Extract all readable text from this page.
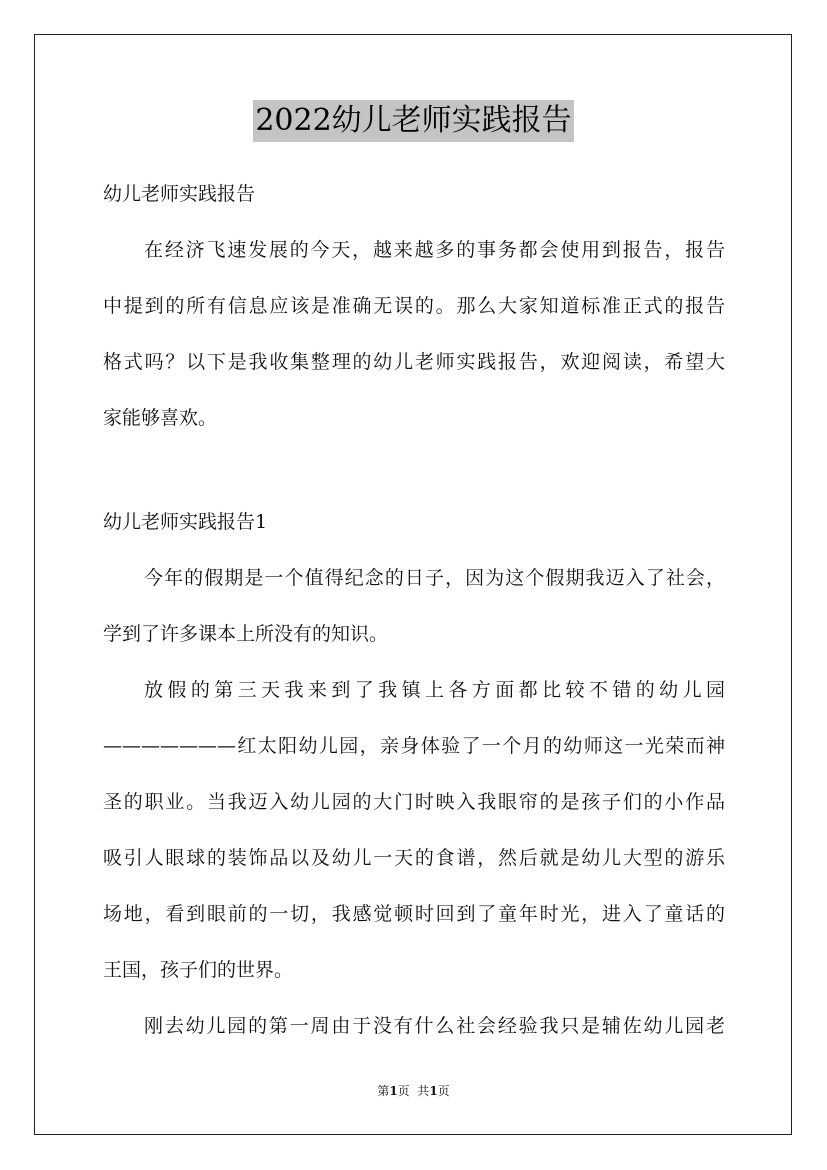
2022幼儿老师实践报告
幼儿老师实践报告
在经济飞速发展的今天，越来越多的事务都会使用到报告，报告
中提到的所有信息应该是准确无误的。那么大家知道标准正式的报告
格式吗？以下是我收集整理的幼儿老师实践报告，欢迎阅读，希望大
家能够喜欢。
幼儿老师实践报告1
今年的假期是一个值得纪念的日子，因为这个假期我迈入了社会，
学到了许多课本上所没有的知识。
放假的第三天我来到了我镇上各方面都比较不错的幼儿园
———————红太阳幼儿园，亲身体验了一个月的幼师这一光荣而神
圣的职业。当我迈入幼儿园的大门时映入我眼帘的是孩子们的小作品
吸引人眼球的装饰品以及幼儿一天的食谱，然后就是幼儿大型的游乐
场地，看到眼前的一切，我感觉顿时回到了童年时光，进入了童话的
王国，孩子们的世界。
刚去幼儿园的第一周由于没有什么社会经验我只是辅佐幼儿园老
第1页  共1页
